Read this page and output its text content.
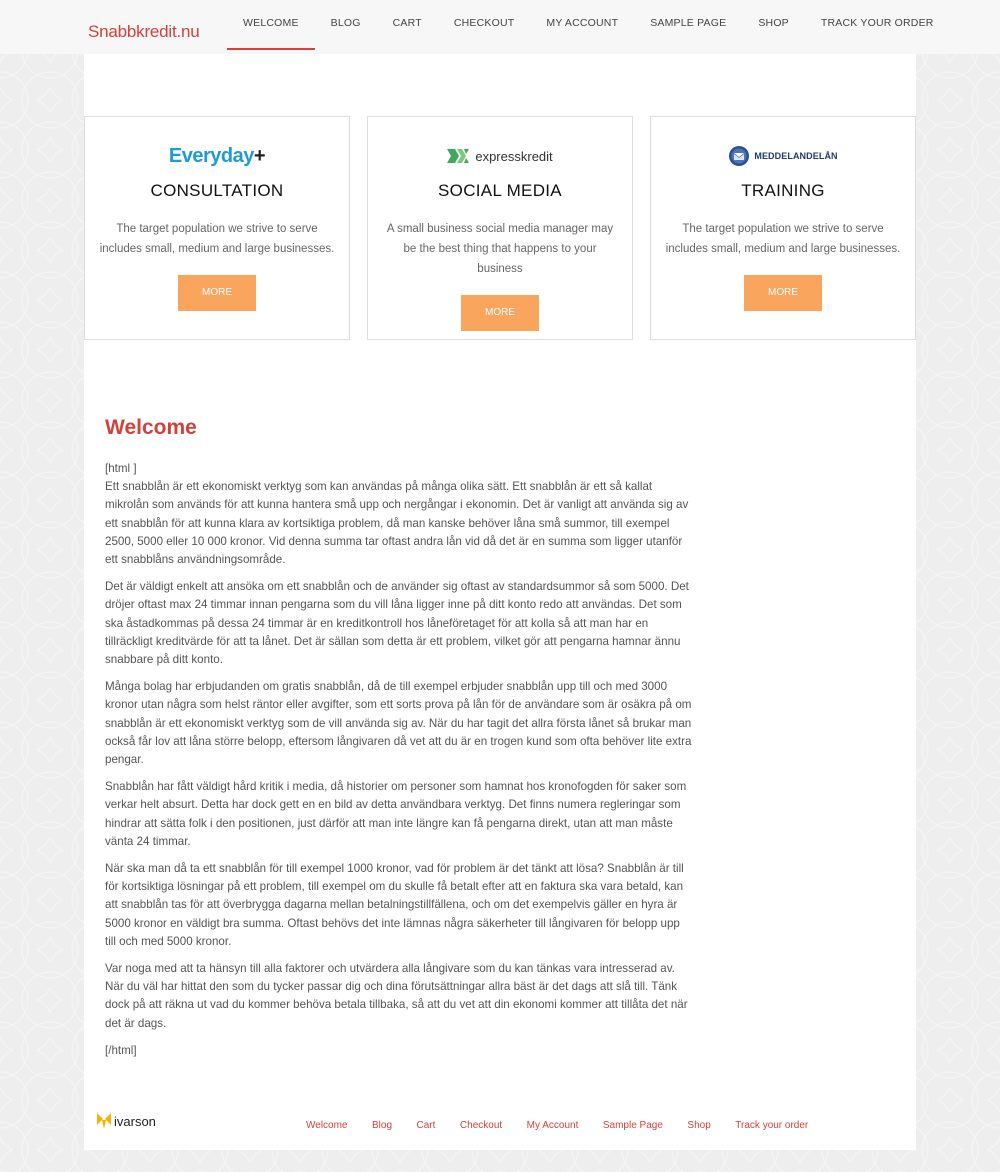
Snabbkredit.nu	WELCOME	BLOG	CART	CHECKOUT	MY ACCOUNT	SAMPLE PAGE	SHOP	TRACK YOUR ORDER
Everyday+
CONSULTATION
The target population we strive to serve includes small, medium and large businesses.
MORE
expresskredit
SOCIAL MEDIA
A small business social media manager may be the best thing that happens to your business
MORE
MEDDELANDELÅN
TRAINING
The target population we strive to serve includes small, medium and large businesses.
MORE
Welcome

[html ]
Ett snabblån är ett ekonomiskt verktyg som kan användas på många olika sätt. Ett snabblån är ett så kallat mikrolån som används för att kunna hantera små upp och nergångar i ekonomin. Det är vanligt att använda sig av ett snabblån för att kunna klara av kortsiktiga problem, då man kanske behöver låna små summor, till exempel 2500, 5000 eller 10 000 kronor. Vid denna summa tar oftast andra lån vid då det är en summa som ligger utanför ett snabblåns användningsområde.

Det är väldigt enkelt att ansöka om ett snabblån och de använder sig oftast av standardsummor så som 5000. Det dröjer oftast max 24 timmar innan pengarna som du vill låna ligger inne på ditt konto redo att användas. Det som ska åstadkommas på dessa 24 timmar är en kreditkontroll hos låneföretaget för att kolla så att man har en tillräckligt kreditvärde för att ta lånet. Det är sällan som detta är ett problem, vilket gör att pengarna hamnar ännu snabbare på ditt konto.

Många bolag har erbjudanden om gratis snabblån, då de till exempel erbjuder snabblån upp till och med 3000 kronor utan några som helst räntor eller avgifter, som ett sorts prova på lån för de användare som är osäkra på om snabblån är ett ekonomiskt verktyg som de vill använda sig av. När du har tagit det allra första lånet så brukar man också får lov att låna större belopp, eftersom långivaren då vet att du är en trogen kund som ofta behöver lite extra pengar.

Snabblån har fått väldigt hård kritik i media, då historier om personer som hamnat hos kronofogden för saker som verkar helt absurt. Detta har dock gett en en bild av detta användbara verktyg. Det finns numera regleringar som hindrar att sätta folk i den positionen, just därför att man inte längre kan få pengarna direkt, utan att man måste vänta 24 timmar.

När ska man då ta ett snabblån för till exempel 1000 kronor, vad för problem är det tänkt att lösa? Snabblån är till för kortsiktiga lösningar på ett problem, till exempel om du skulle få betalt efter att en faktura ska vara betald, kan att snabblån tas för att överbrygga dagarna mellan betalningstillfällena, och om det exempelvis gäller en hyra är 5000 kronor en väldigt bra summa. Oftast behövs det inte lämnas några säkerheter till långivaren för belopp upp till och med 5000 kronor.

Var noga med att ta hänsyn till alla faktorer och utvärdera alla långivare som du kan tänkas vara intresserad av. När du väl har hittat den som du tycker passar dig och dina förutsättningar allra bäst är det dags att slå till. Tänk dock på att räkna ut vad du kommer behöva betala tillbaka, så att du vet att din ekonomi kommer att tillåta det när det är dags.

[/html]

ivarson	Welcome Blog Cart Checkout My Account Sample Page Shop Track your order
